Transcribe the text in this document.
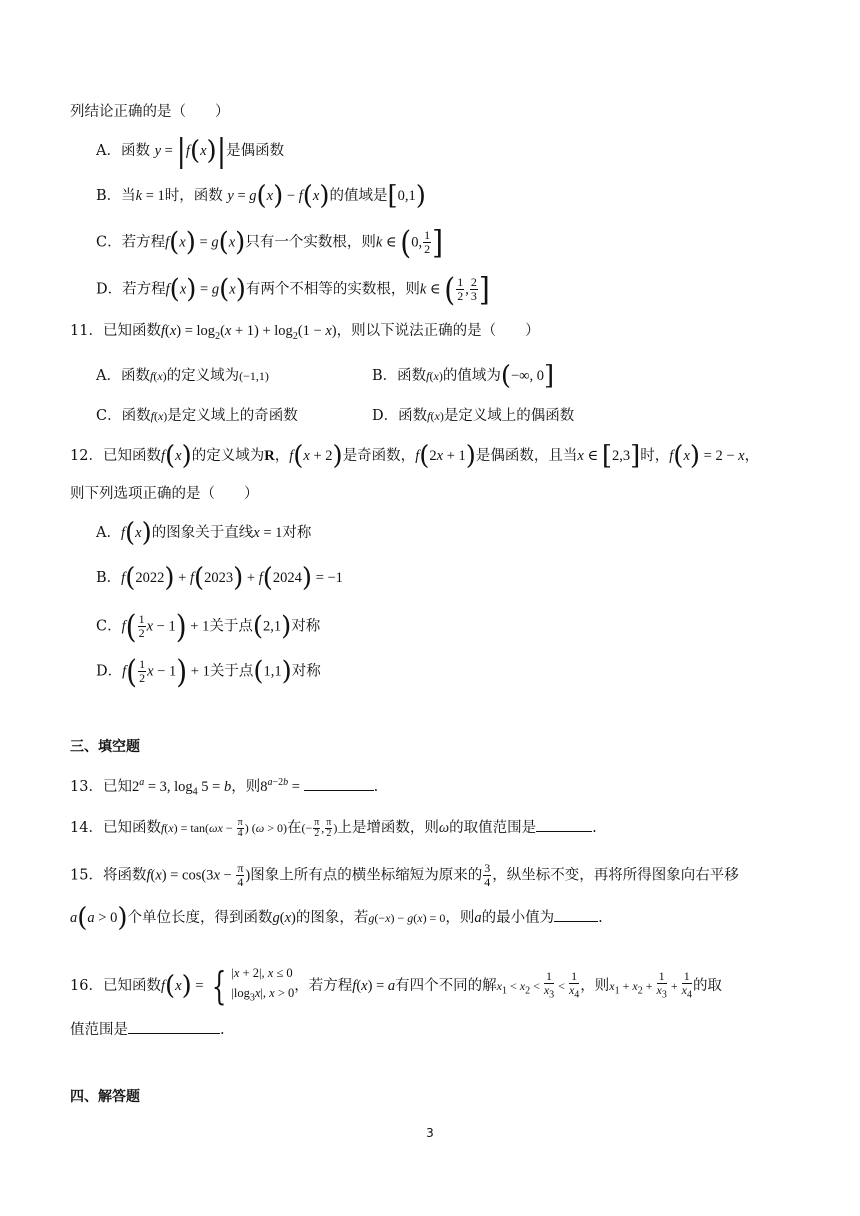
列结论正确的是（　　）
A．函数 y = |f(x)|是偶函数
B．当k = 1时，函数 y = g(x) − f(x)的值域是[0,1)
C．若方程f(x) = g(x)只有一个实数根，则k ∈ (0, $\frac{1}{2}$ ]
D．若方程f(x) = g(x)有两个不相等的实数根，则k ∈ ( $\frac{1}{2}$ , $\frac{2}{3}$ ]
11．已知函数$f(x) = \log_2(x + 1) + \log_2(1 - x)$，则以下说法正确的是（　　）
A．函数f(x)的定义域为(−1,1)	B．函数f(x)的值域为(−∞, 0]
C．函数f(x)是定义域上的奇函数	D．函数f(x)是定义域上的偶函数
12．已知函数f(x)的定义域为R，f(x + 2)是奇函数，f(2x + 1)是偶函数，且当x ∈ [2,3]时，f(x) = 2 − x，
则下列选项正确的是（　　）
A．f(x)的图象关于直线x = 1对称
B．f(2022) + f(2023) + f(2024) = −1
C．$f( \frac{1}{2}$ x − 1) + 1关于点(2,1)对称
D．$f( \frac{1}{2}$ x − 1) + 1关于点(1,1)对称
三、填空题
13．已知$2^a = 3$, $\log_4 5 = b$，则$8^{a-2b}$ =	.
14．已知函数$f(x) = \tan(\omega x - \frac{\pi}{4}$ ) (ω > 0)在(− $\frac{\pi}{2}$ , $\frac{\pi}{2}$ )上是增函数，则ω的取值范围是	.
15．将函数$f(x) = \cos(3x - \frac{\pi}{4}$ )图象上所有点的横坐标缩短为原来的 $\frac{3}{4}$ ，纵坐标不变，再将所得图象向右平移
a(a > 0)个单位长度，得到函数g(x)的图象，若g(−x) − g(x) = 0，则a的最小值为	.
16．已知函数f(x) = { |x + 2|, x ≤ 0
$|\log_3x|$, x > 0 ，若方程f(x) = a有四个不同的解$x_1 < x_2 < \frac{1}{x_3} < \frac{1}{x_4}$ ，则$x_1 + x_2 + \frac{1}{x_3} + \frac{1}{x_4}$ 的取
值范围是	.
四、解答题
3
